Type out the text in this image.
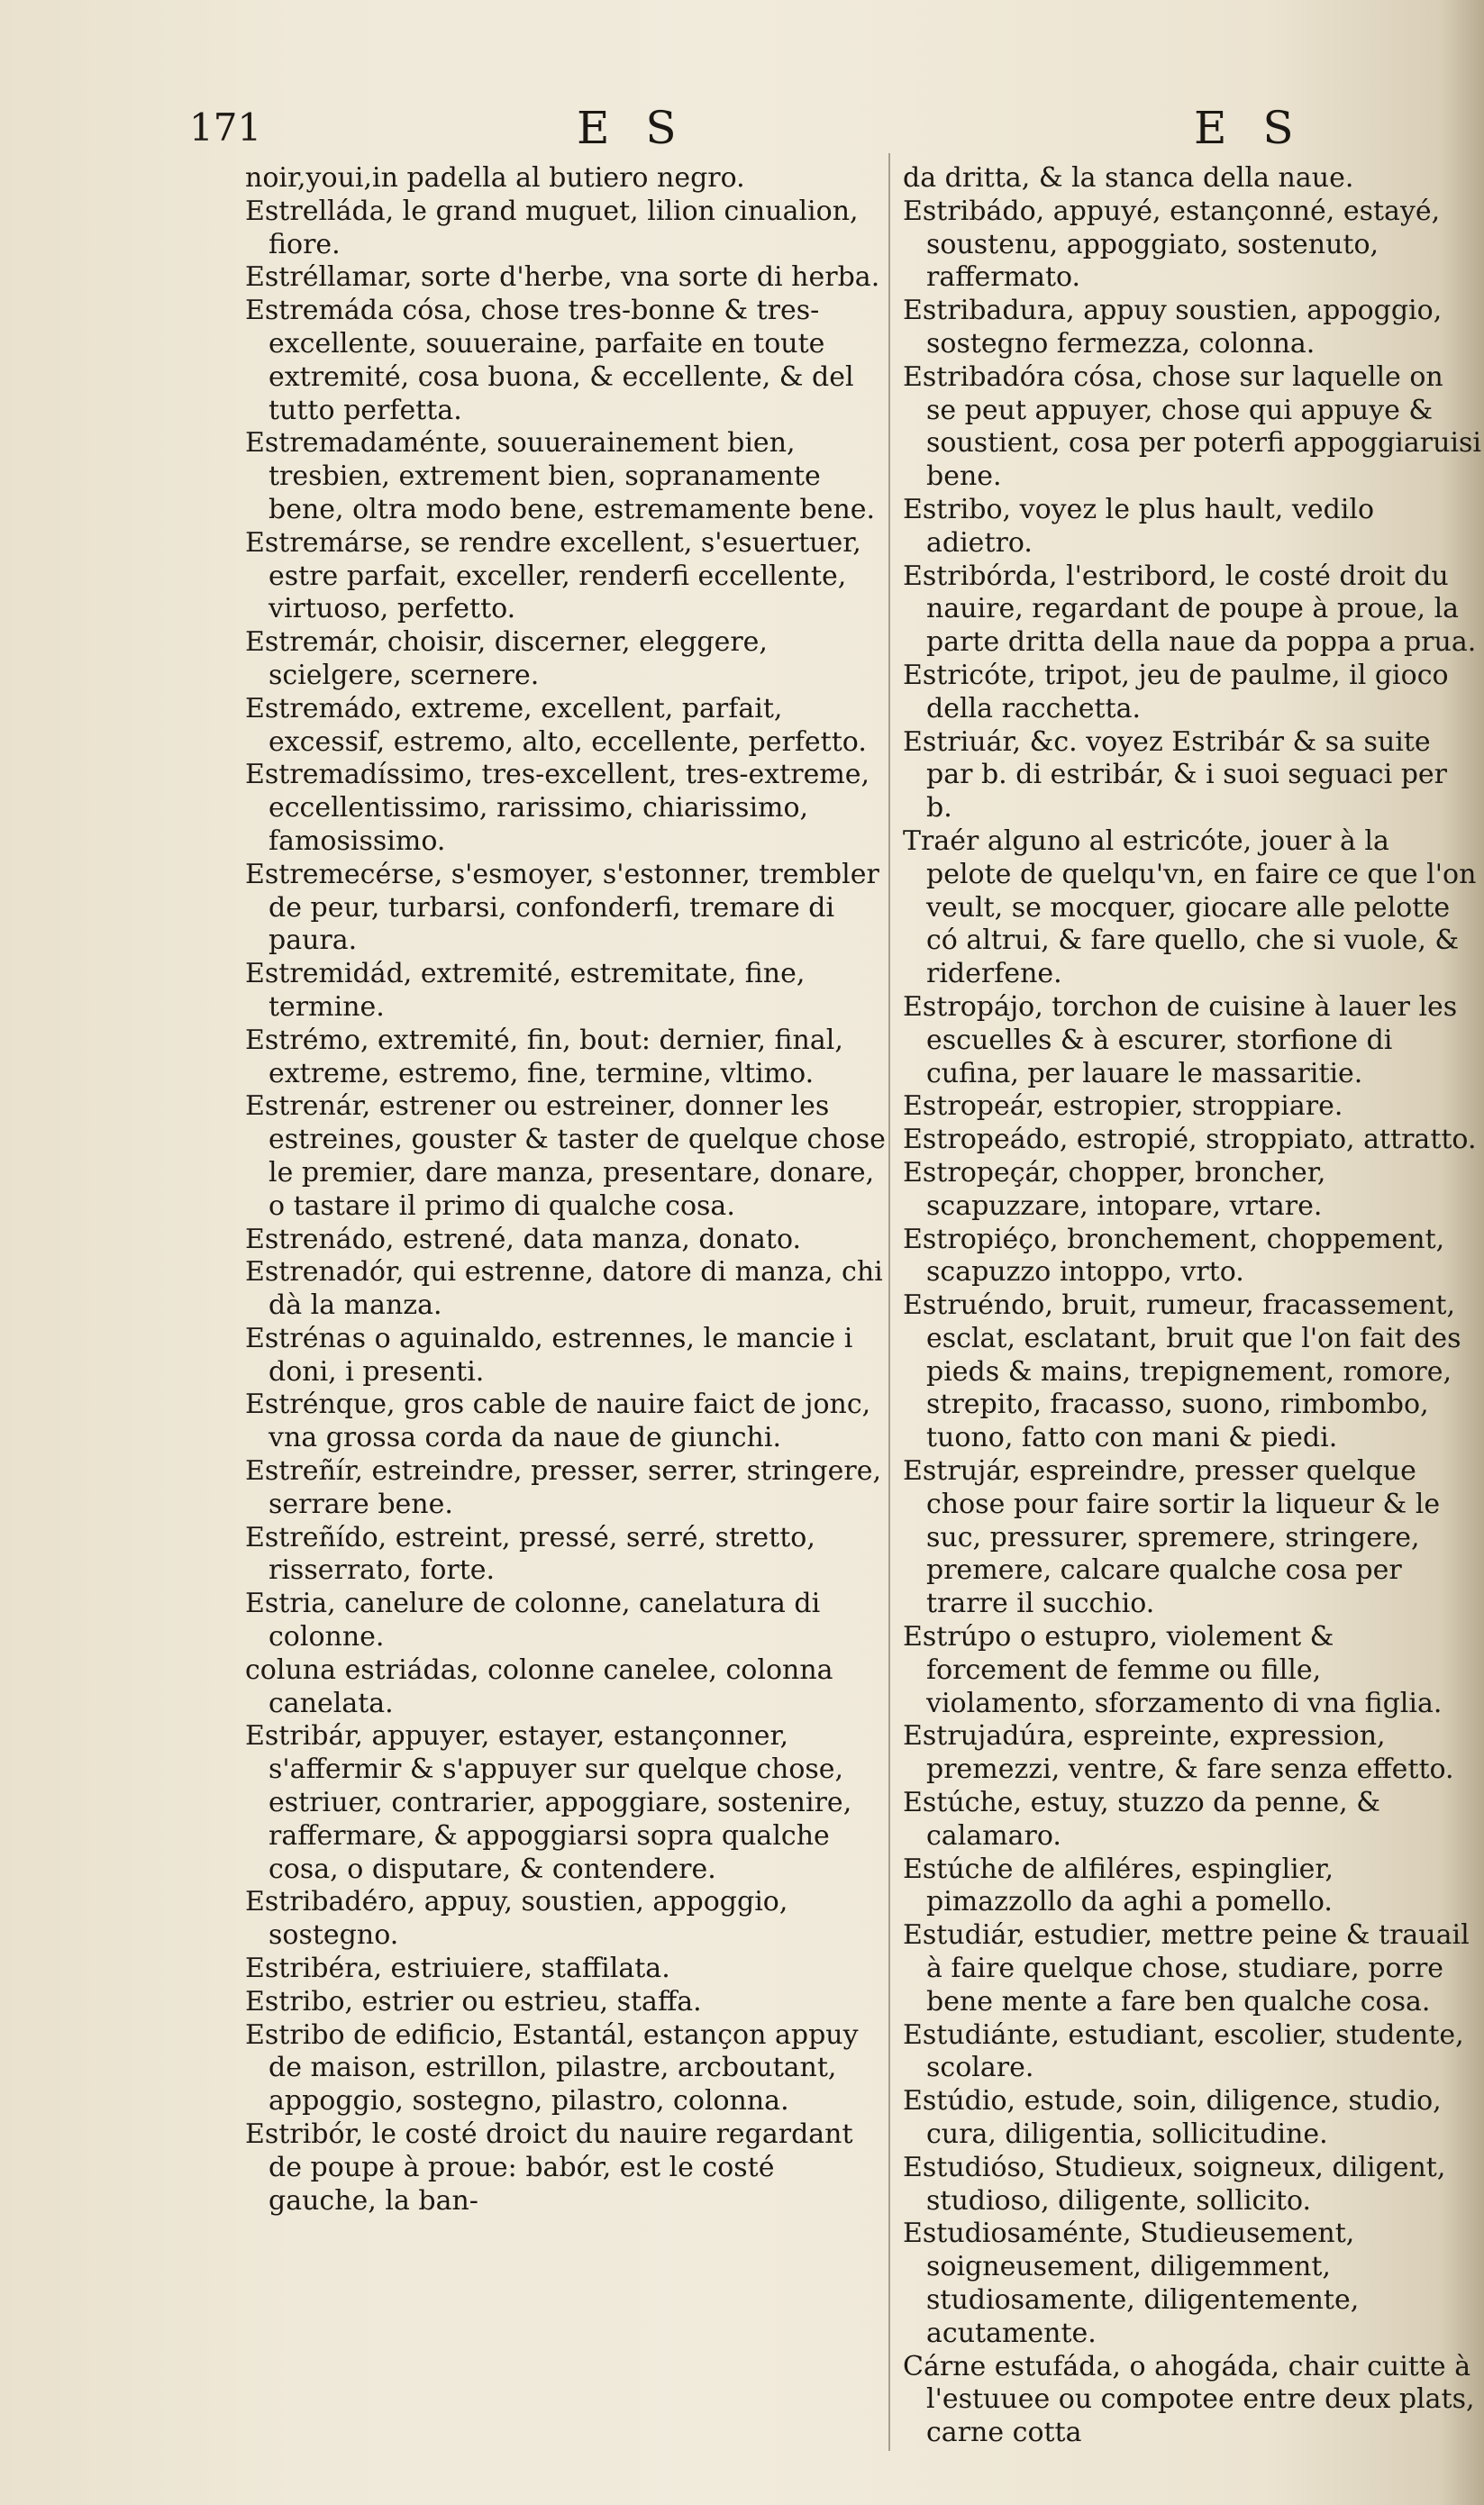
171	E S	E S

noir,youi,in padella al butiero negro.

Estrelláda, le grand muguet, lilion cinualion, fiore.

Estréllamar, sorte d'herbe, vna sorte di herba.

Estremáda cósa, chose tres-bonne & tres-excellente, souueraine, parfaite en toute extremité, cosa buona, & eccellente, & del tutto perfetta.

Estremadaménte, souuerainement bien, tresbien, extrement bien, sopranamente bene, oltra modo bene, estremamente bene.

Estremárse, se rendre excellent, s'esuertuer, estre parfait, exceller, renderfi eccellente, virtuoso, perfetto.

Estremár, choisir, discerner, eleggere, scielgere, scernere.

Estremádo, extreme, excellent, parfait, excessif, estremo, alto, eccellente, perfetto.

Estremadíssimo, tres-excellent, tres-extreme, eccellentissimo, rarissimo, chiarissimo, famosissimo.

Estremecérse, s'esmoyer, s'estonner, trembler de peur, turbarsi, confonderfi, tremare di paura.

Estremidád, extremité, estremitate, fine, termine.

Estrémo, extremité, fin, bout: dernier, final, extreme, estremo, fine, termine, vltimo.

Estrenár, estrener ou estreiner, donner les estreines, gouster & taster de quelque chose le premier, dare manza, presentare, donare, o tastare il primo di qualche cosa.

Estrenádo, estrené, data manza, donato.

Estrenadór, qui estrenne, datore di manza, chi dà la manza.

Estrénas o aguinaldo, estrennes, le mancie i doni, i presenti.

Estrénque, gros cable de nauire faict de jonc, vna grossa corda da naue de giunchi.

Estreñír, estreindre, presser, serrer, stringere, serrare bene.

Estreñído, estreint, pressé, serré, stretto, risserrato, forte.

Estria, canelure de colonne, canelatura di colonne.

coluna estriádas, colonne canelee, colonna canelata.

Estribár, appuyer, estayer, estançonner, s'affermir & s'appuyer sur quelque chose, estriuer, contrarier, appoggiare, sostenire, raffermare, & appoggiarsi sopra qualche cosa, o disputare, & contendere.

Estribadéro, appuy, soustien, appoggio, sostegno.

Estribéra, estriuiere, staffilata.

Estribo, estrier ou estrieu, staffa.

Estribo de edificio, Estantál, estançon appuy de maison, estrillon, pilastre, arcboutant, appoggio, sostegno, pilastro, colonna.

Estribór, le costé droict du nauire regardant de poupe à proue: babór, est le costé gauche, la ban-

da dritta, & la stanca della naue.

Estribádo, appuyé, estançonné, estayé, soustenu, appoggiato, sostenuto, raffermato.

Estribadura, appuy soustien, appoggio, sostegno fermezza, colonna.

Estribadóra cósa, chose sur laquelle on se peut appuyer, chose qui appuye & soustient, cosa per poterfi appoggiaruisi bene.

Estribo, voyez le plus hault, vedilo adietro.

Estribórda, l'estribord, le costé droit du nauire, regardant de poupe à proue, la parte dritta della naue da poppa a prua.

Estricóte, tripot, jeu de paulme, il gioco della racchetta.

Estriuár, &c. voyez Estribár & sa suite par b. di estribár, & i suoi seguaci per b.

Traér alguno al estricóte, jouer à la pelote de quelqu'vn, en faire ce que l'on veult, se mocquer, giocare alle pelotte có altrui, & fare quello, che si vuole, & riderfene.

Estropájo, torchon de cuisine à lauer les escuelles & à escurer, storfione di cufina, per lauare le massaritie.

Estropeár, estropier, stroppiare.

Estropeádo, estropié, stroppiato, attratto.

Estropeçár, chopper, broncher, scapuzzare, intopare, vrtare.

Estropiéço, bronchement, choppement, scapuzzo intoppo, vrto.

Estruéndo, bruit, rumeur, fracassement, esclat, esclatant, bruit que l'on fait des pieds & mains, trepignement, romore, strepito, fracasso, suono, rimbombo, tuono, fatto con mani & piedi.

Estrujár, espreindre, presser quelque chose pour faire sortir la liqueur & le suc, pressurer, spremere, stringere, premere, calcare qualche cosa per trarre il succhio.

Estrúpo o estupro, violement & forcement de femme ou fille, violamento, sforzamento di vna figlia.

Estrujadúra, espreinte, expression, premezzi, ventre, & fare senza effetto.

Estúche, estuy, stuzzo da penne, & calamaro.

Estúche de alfiléres, espinglier, pimazzollo da aghi a pomello.

Estudiár, estudier, mettre peine & trauail à faire quelque chose, studiare, porre bene mente a fare ben qualche cosa.

Estudiánte, estudiant, escolier, studente, scolare.

Estúdio, estude, soin, diligence, studio, cura, diligentia, sollicitudine.

Estudióso, Studieux, soigneux, diligent, studioso, diligente, sollicito.

Estudiosaménte, Studieusement, soigneusement, diligemment, studiosamente, diligentemente, acutamente.

Cárne estufáda, o ahogáda, chair cuitte à l'estuuee ou compotee entre deux plats, carne cotta
